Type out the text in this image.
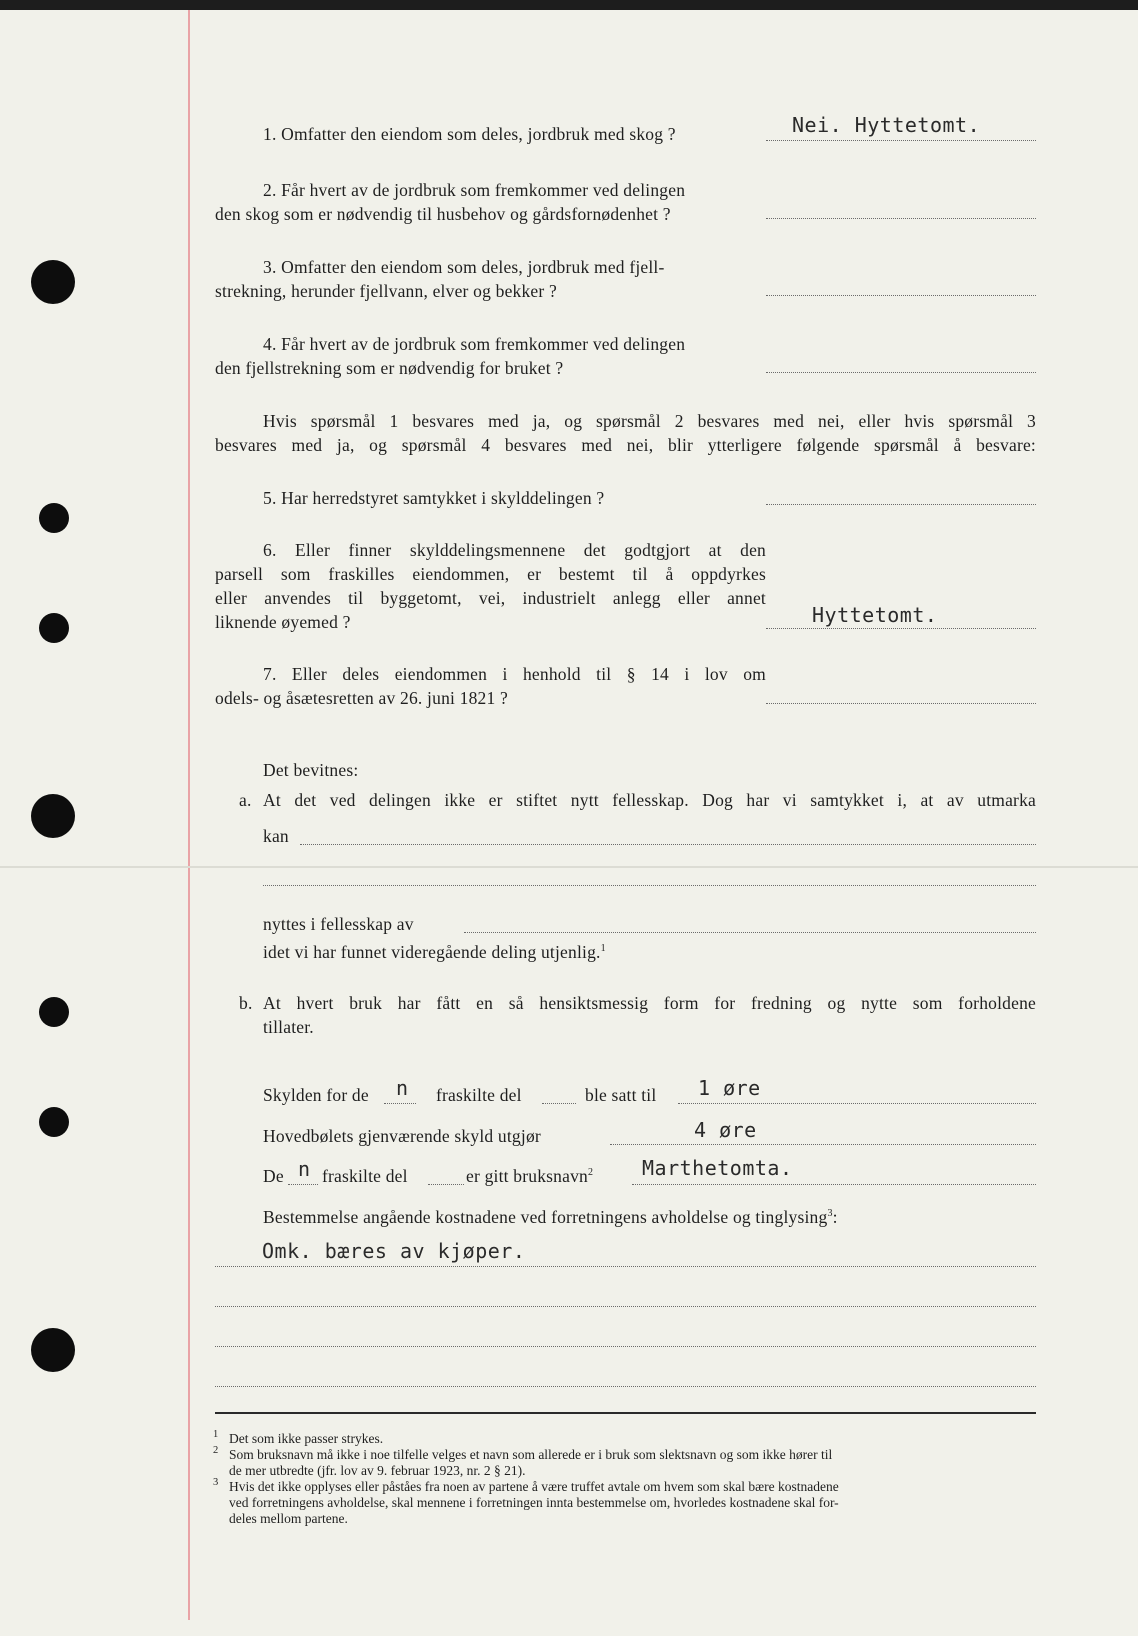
1. Omfatter den eiendom som deles, jordbruk med skog ?	Nei. Hyttetomt.
2. Får hvert av de jordbruk som fremkommer ved delingen
den skog som er nødvendig til husbehov og gårdsfornødenhet ?
3. Omfatter den eiendom som deles, jordbruk med fjell-
strekning, herunder fjellvann, elver og bekker ?
4. Får hvert av de jordbruk som fremkommer ved delingen
den fjellstrekning som er nødvendig for bruket ?
Hvis spørsmål 1 besvares med ja, og spørsmål 2 besvares med nei, eller hvis spørsmål 3
besvares med ja, og spørsmål 4 besvares med nei, blir ytterligere følgende spørsmål å besvare:
5. Har herredstyret samtykket i skylddelingen ?
6. Eller finner skylddelingsmennene det godtgjort at den
parsell som fraskilles eiendommen, er bestemt til å oppdyrkes
eller anvendes til byggetomt, vei, industrielt anlegg eller annet
liknende øyemed ?	Hyttetomt.
7. Eller deles eiendommen i henhold til § 14 i lov om
odels- og åsætesretten av 26. juni 1821 ?
Det bevitnes:
a. At det ved delingen ikke er stiftet nytt fellesskap. Dog har vi samtykket i, at av utmarka
kan
nyttes i fellesskap av
idet vi har funnet videregående deling utjenlig.$^1$
b. At hvert bruk har fått en så hensiktsmessig form for fredning og nytte som forholdene
tillater.
Skylden for de n fraskilte del	ble satt til 1 øre
Hovedbølets gjenværende skyld utgjør	4 øre
De n fraskilte del	er gitt bruksnavn$^2$ Marthetomta.
Bestemmelse angående kostnadene ved forretningens avholdelse og tinglysing$^3$:
Omk. bæres av kjøper.
1 Det som ikke passer strykes.
2 Som bruksnavn må ikke i noe tilfelle velges et navn som allerede er i bruk som slektsnavn og som ikke hører til
de mer utbredte (jfr. lov av 9. februar 1923, nr. 2 § 21).
3 Hvis det ikke opplyses eller påståes fra noen av partene å være truffet avtale om hvem som skal bære kostnadene
ved forretningens avholdelse, skal mennene i forretningen innta bestemmelse om, hvorledes kostnadene skal for-
deles mellom partene.
